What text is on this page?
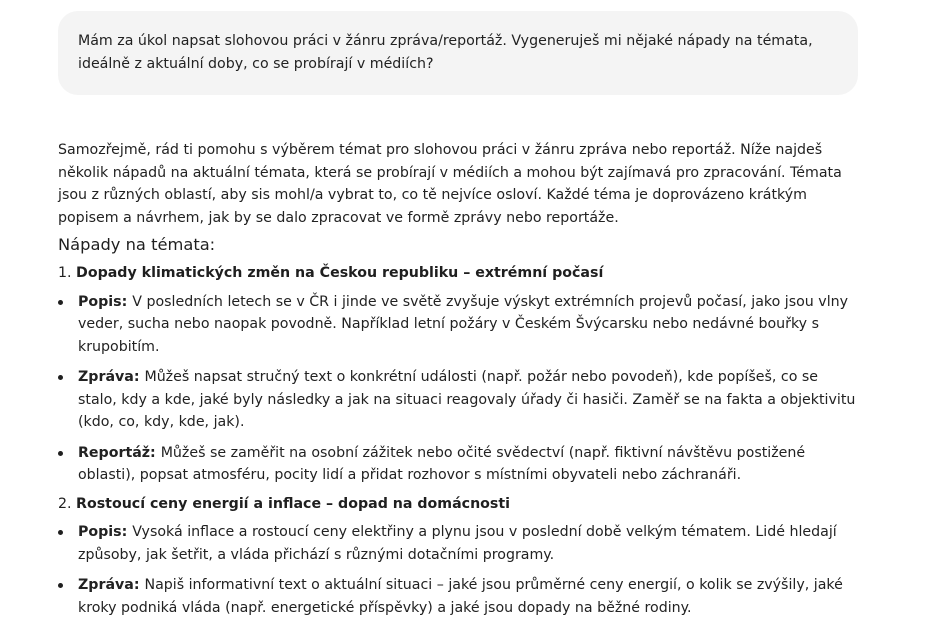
Mám za úkol napsat slohovou práci v žánru zpráva/reportáž. Vygeneruješ mi nějaké nápady na témata, ideálně z aktuální doby, co se probírají v médiích?

Samozřejmě, rád ti pomohu s výběrem témat pro slohovou práci v žánru zpráva nebo reportáž. Níže najdeš několik nápadů na aktuální témata, která se probírají v médiích a mohou být zajímavá pro zpracování. Témata jsou z různých oblastí, aby sis mohl/a vybrat to, co tě nejvíce osloví. Každé téma je doprovázeno krátkým popisem a návrhem, jak by se dalo zpracovat ve formě zprávy nebo reportáže.

Nápady na témata:

1. Dopady klimatických změn na Českou republiku – extrémní počasí

Popis: V posledních letech se v ČR i jinde ve světě zvyšuje výskyt extrémních projevů počasí, jako jsou vlny veder, sucha nebo naopak povodně. Například letní požáry v Českém Švýcarsku nebo nedávné bouřky s krupobitím.
Zpráva: Můžeš napsat stručný text o konkrétní události (např. požár nebo povodeň), kde popíšeš, co se stalo, kdy a kde, jaké byly následky a jak na situaci reagovaly úřady či hasiči. Zaměř se na fakta a objektivitu (kdo, co, kdy, kde, jak).
Reportáž: Můžeš se zaměřit na osobní zážitek nebo očité svědectví (např. fiktivní návštěvu postižené oblasti), popsat atmosféru, pocity lidí a přidat rozhovor s místními obyvateli nebo záchranáři.

2. Rostoucí ceny energií a inflace – dopad na domácnosti

Popis: Vysoká inflace a rostoucí ceny elektřiny a plynu jsou v poslední době velkým tématem. Lidé hledají způsoby, jak šetřit, a vláda přichází s různými dotačními programy.
Zpráva: Napiš informativní text o aktuální situaci – jaké jsou průměrné ceny energií, o kolik se zvýšily, jaké kroky podniká vláda (např. energetické příspěvky) a jaké jsou dopady na běžné rodiny.
